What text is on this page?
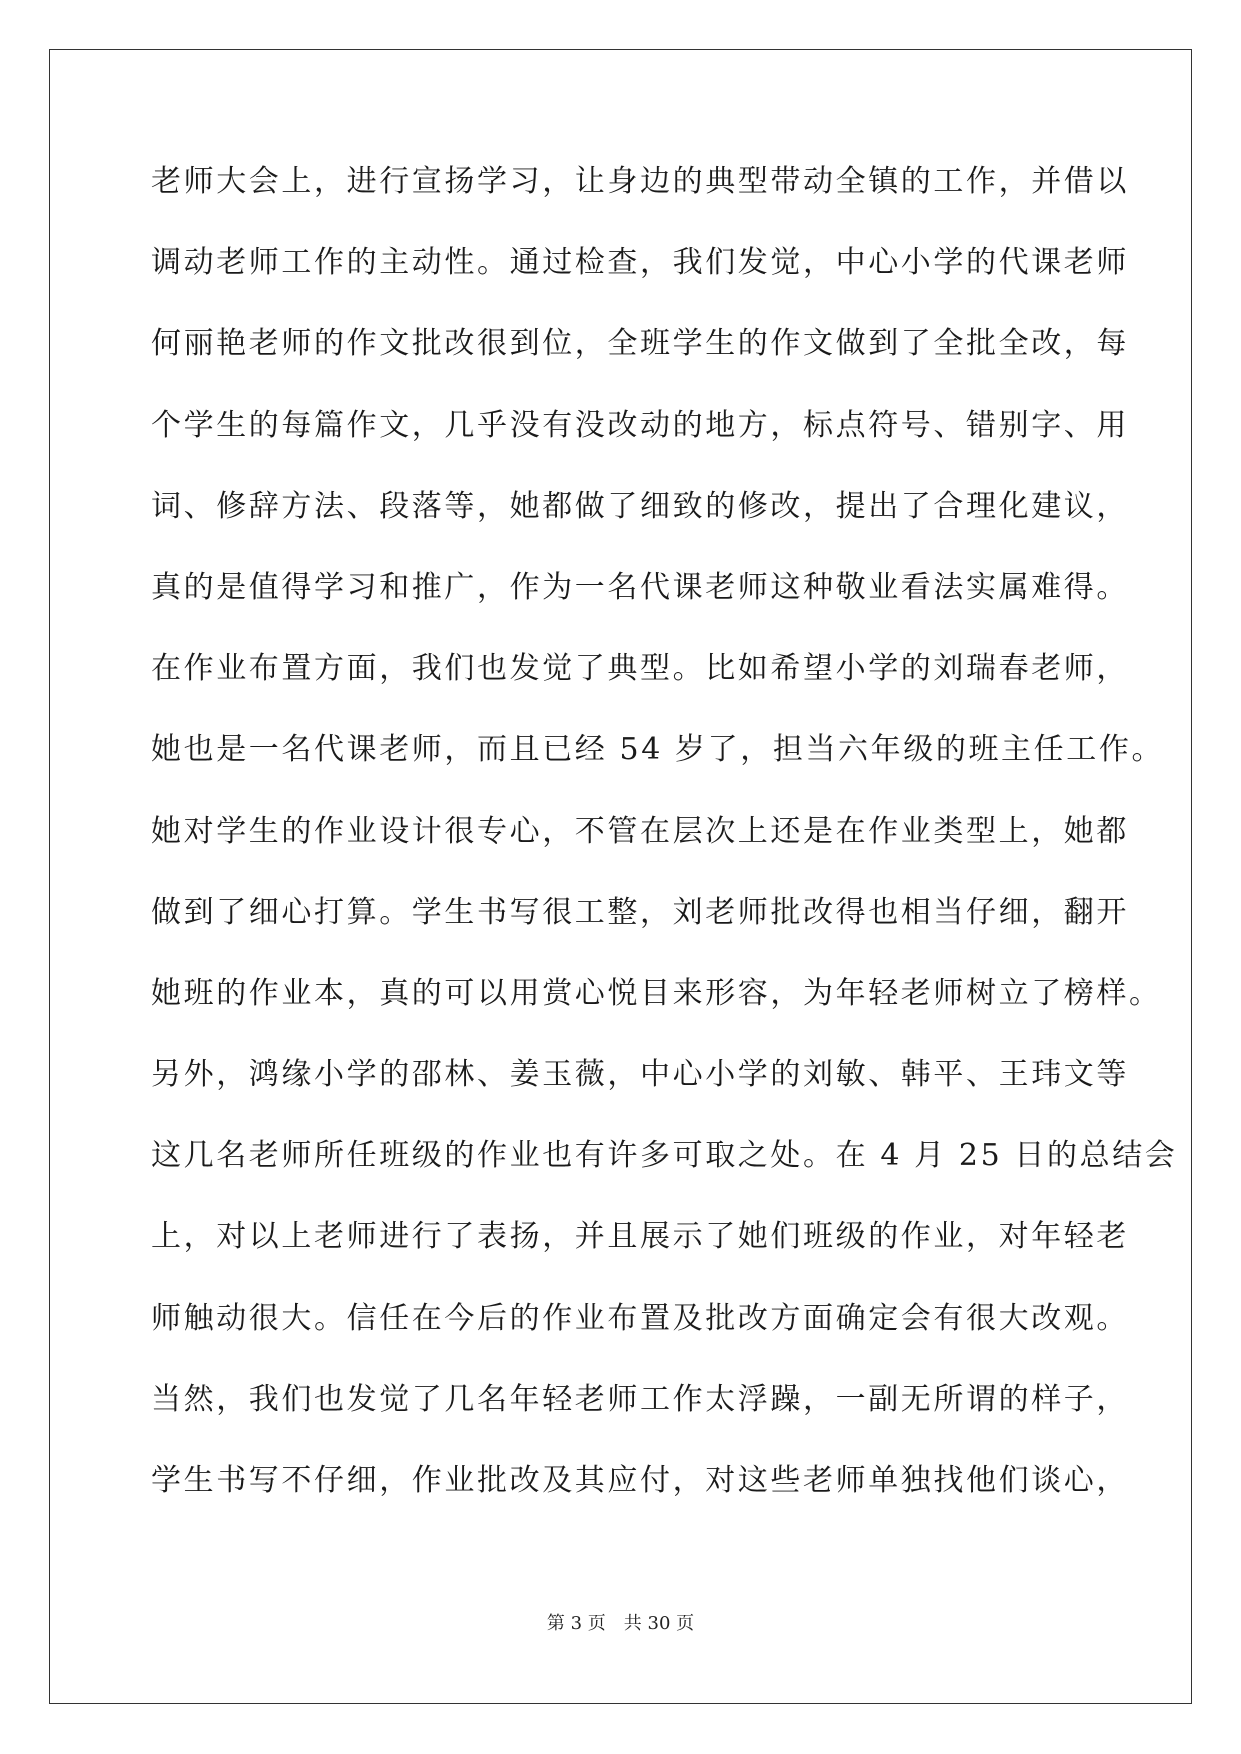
老师大会上，进行宣扬学习，让身边的典型带动全镇的工作，并借以
调动老师工作的主动性。通过检查，我们发觉，中心小学的代课老师
何丽艳老师的作文批改很到位，全班学生的作文做到了全批全改，每
个学生的每篇作文，几乎没有没改动的地方，标点符号、错别字、用
词、修辞方法、段落等，她都做了细致的修改，提出了合理化建议，
真的是值得学习和推广，作为一名代课老师这种敬业看法实属难得。
在作业布置方面，我们也发觉了典型。比如希望小学的刘瑞春老师，
她也是一名代课老师，而且已经 54 岁了，担当六年级的班主任工作。
她对学生的作业设计很专心，不管在层次上还是在作业类型上，她都
做到了细心打算。学生书写很工整，刘老师批改得也相当仔细，翻开
她班的作业本，真的可以用赏心悦目来形容，为年轻老师树立了榜样。
另外，鸿缘小学的邵林、姜玉薇，中心小学的刘敏、韩平、王玮文等
这几名老师所任班级的作业也有许多可取之处。在 4 月 25 日的总结会
上，对以上老师进行了表扬，并且展示了她们班级的作业，对年轻老
师触动很大。信任在今后的作业布置及批改方面确定会有很大改观。
当然，我们也发觉了几名年轻老师工作太浮躁，一副无所谓的样子，
学生书写不仔细，作业批改及其应付，对这些老师单独找他们谈心，
第 3 页 共 30 页
